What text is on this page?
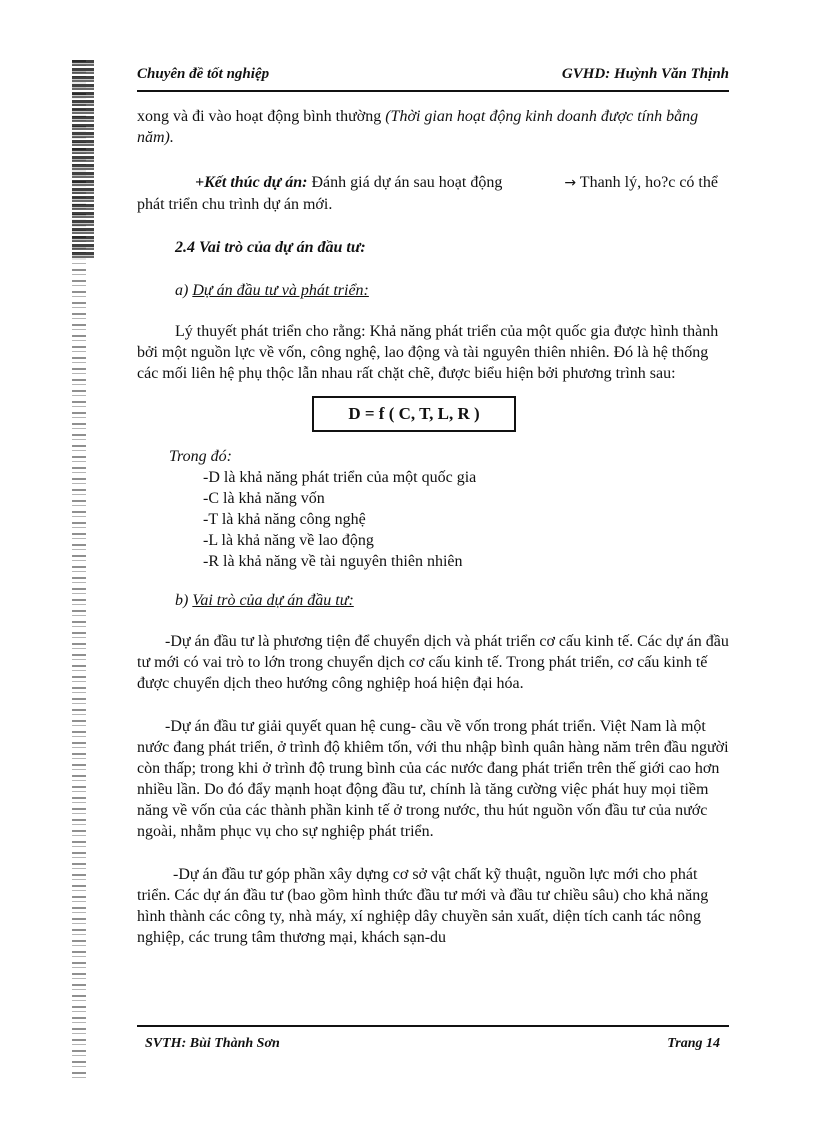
Chuyên đề tốt nghiệp	GVHD: Huỳnh Văn Thịnh

xong và đi vào hoạt động bình thường (Thời gian hoạt động kinh doanh được tính bằng năm).

+Kết thúc dự án: Đánh giá dự án sau hoạt động	→ Thanh lý, ho?c có thể phát triển chu trình dự án mới.

2.4 Vai trò của dự án đầu tư:

a) Dự án đầu tư và phát triển:

Lý thuyết phát triển cho rằng: Khả năng phát triển của một quốc gia được hình thành bởi một nguồn lực về vốn, công nghệ, lao động và tài nguyên thiên nhiên. Đó là hệ thống các mối liên hệ phụ thộc lẫn nhau rất chặt chẽ, được biểu hiện bởi phương trình sau:

D = f ( C, T, L, R )

Trong đó:

-D là khả năng phát triển của một quốc gia
-C là khả năng vốn
-T là khả năng công nghệ
-L là khả năng về lao động
-R là khả năng về tài nguyên thiên nhiên

b) Vai trò của dự án đầu tư:

-Dự án đầu tư là phương tiện để chuyển dịch và phát triển cơ cấu kinh tế. Các dự án đầu tư mới có vai trò to lớn trong chuyển dịch cơ cấu kinh tế. Trong phát triển, cơ cấu kinh tế được chuyển dịch theo hướng công nghiệp hoá hiện đại hóa.

-Dự án đầu tư giải quyết quan hệ cung- cầu về vốn trong phát triển. Việt Nam là một nước đang phát triển, ở trình độ khiêm tốn, với thu nhập bình quân hàng năm trên đầu người còn thấp; trong khi ở trình độ trung bình của các nước đang phát triển trên thế giới cao hơn nhiều lần. Do đó đẩy mạnh hoạt động đầu tư, chính là tăng cường việc phát huy mọi tiềm năng về vốn của các thành phần kinh tế ở trong nước, thu hút nguồn vốn đầu tư của nước ngoài, nhằm phục vụ cho sự nghiệp phát triển.

-Dự án đầu tư góp phần xây dựng cơ sở vật chất kỹ thuật, nguồn lực mới cho phát triển. Các dự án đầu tư (bao gồm hình thức đầu tư mới và đầu tư chiều sâu) cho khả năng hình thành các công ty, nhà máy, xí nghiệp dây chuyền sản xuất, diện tích canh tác nông nghiệp, các trung tâm thương mại, khách sạn-du

SVTH: Bùi Thành Sơn	Trang 14
